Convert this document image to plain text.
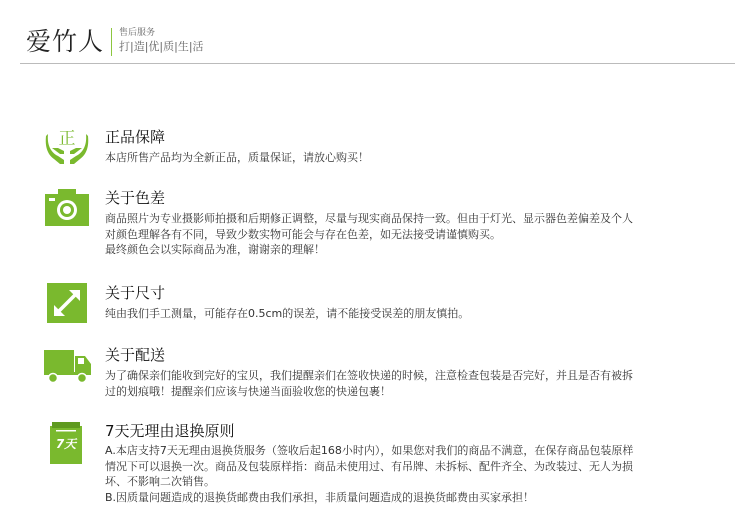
爱竹人 售后服务
打|造|优|质|生|活
正 正品保障
本店所售产品均为全新正品，质量保证，请放心购买！
关于色差
商品照片为专业摄影师拍摄和后期修正调整，尽量与现实商品保持一致。但由于灯光、显示器色差偏差及个人
对颜色理解各有不同，导致少数实物可能会与存在色差，如无法接受请谨慎购买。
最终颜色会以实际商品为准，谢谢亲的理解！
关于尺寸
纯由我们手工测量，可能存在0.5cm的误差，请不能接受误差的朋友慎拍。
关于配送
为了确保亲们能收到完好的宝贝，我们提醒亲们在签收快递的时候，注意检查包装是否完好，并且是否有被拆
过的划痕哦！提醒亲们应该与快递当面验收您的快递包裹！
7天
7天无理由退换原则
A.本店支持7天无理由退换货服务（签收后起168小时内），如果您对我们的商品不满意，在保存商品包装原样
情况下可以退换一次。商品及包装原样指：商品未使用过、有吊牌、未拆标、配件齐全、为改装过、无人为损
坏、不影响二次销售。
B.因质量问题造成的退换货邮费由我们承担，非质量问题造成的退换货邮费由买家承担！
